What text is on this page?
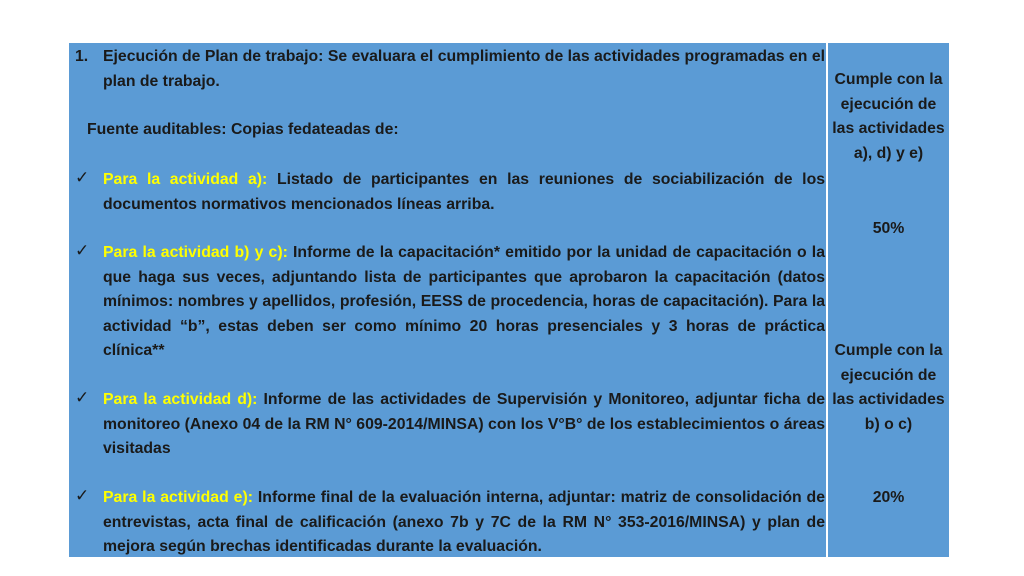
1. Ejecución de Plan de trabajo: Se evaluara el cumplimiento de las actividades programadas en el plan de trabajo.
Fuente auditables: Copias fedateadas de:
✓ Para la actividad a): Listado de participantes en las reuniones de sociabilización de los documentos normativos mencionados líneas arriba.
✓ Para la actividad b) y c): Informe de la capacitación* emitido por la unidad de capacitación o la que haga sus veces, adjuntando lista de participantes que aprobaron la capacitación (datos mínimos: nombres y apellidos, profesión, EESS de procedencia, horas de capacitación). Para la actividad “b”, estas deben ser como mínimo 20 horas presenciales y 3 horas de práctica clínica**
✓ Para la actividad d): Informe de las actividades de Supervisión y Monitoreo, adjuntar ficha de monitoreo (Anexo 04 de la RM N° 609-2014/MINSA) con los V°B° de los establecimientos o áreas visitadas
✓ Para la actividad e): Informe final de la evaluación interna, adjuntar: matriz de consolidación de entrevistas, acta final de calificación (anexo 7b y 7C de la RM N° 353-2016/MINSA) y plan de mejora según brechas identificadas durante la evaluación.
Cumple con la ejecución de las actividades a), d) y e)
50%
Cumple con la ejecución de las actividades b) o c)
20%
